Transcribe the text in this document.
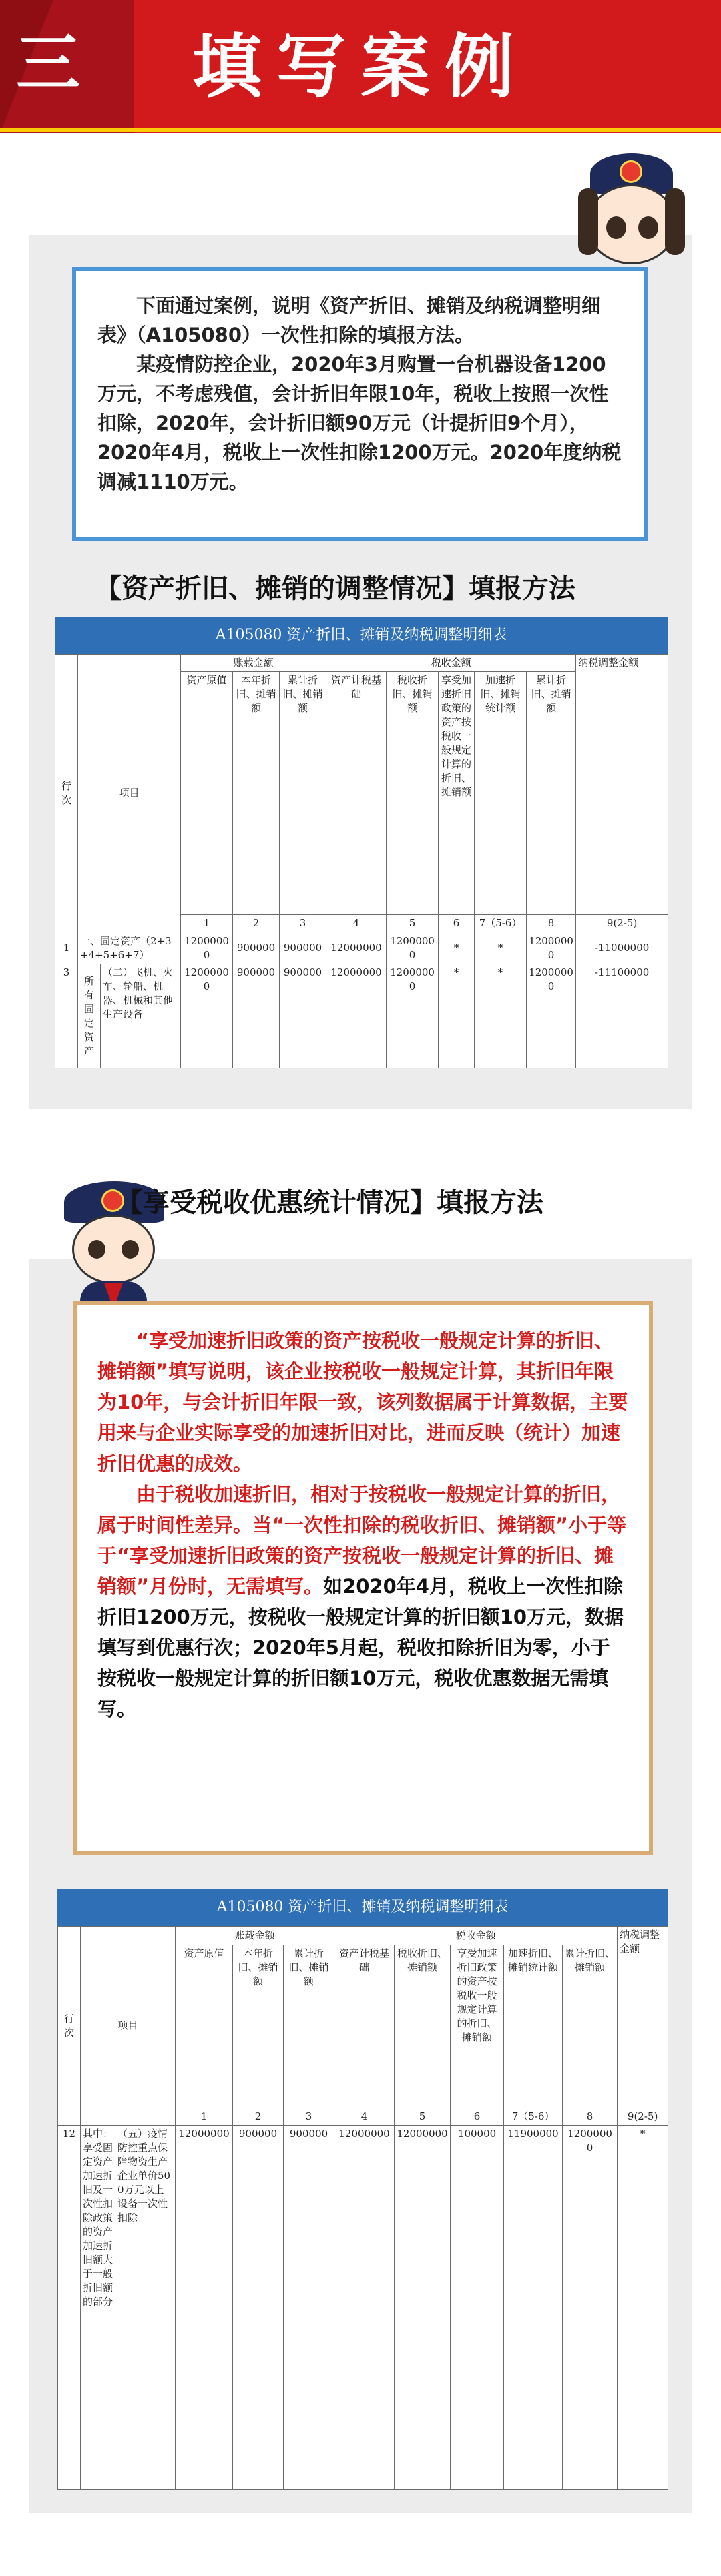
三	填写案例

下面通过案例，说明《资产折旧、摊销及纳税调整明细表》（A105080）一次性扣除的填报方法。

某疫情防控企业，2020年3月购置一台机器设备1200万元，不考虑残值，会计折旧年限10年，税收上按照一次性扣除，2020年，会计折旧额90万元（计提折旧9个月），2020年4月，税收上一次性扣除1200万元。2020年度纳税调减1110万元。

【资产折旧、摊销的调整情况】填报方法
A105080 资产折旧、摊销及纳税调整明细表
行次	项目		账载金额			税收金额					纳税调整金额
			资产原值	本年折旧、摊销额	累计折旧、摊销额	资产计税基础	税收折旧、摊销额	享受加速折旧政策的资产按税收一般规定计算的折旧、摊销额	加速折旧、摊销统计额	累计折旧、摊销额	
			1	2	3	4	5	6	7（5-6）	8	9(2-5)
1	一、固定资产（2+3+4+5+6+7）		12000000	900000	900000	12000000	12000000	*	*	12000000	-11000000
3	所有固定资产	（二）飞机、火车、轮船、机器、机械和其他生产设备	12000000	900000	900000	12000000	12000000	*	*	12000000	-11100000
【享受税收优惠统计情况】填报方法

“享受加速折旧政策的资产按税收一般规定计算的折旧、摊销额”填写说明，该企业按税收一般规定计算，其折旧年限为10年，与会计折旧年限一致，该列数据属于计算数据，主要用来与企业实际享受的加速折旧对比，进而反映（统计）加速折旧优惠的成效。

由于税收加速折旧，相对于按税收一般规定计算的折旧，属于时间性差异。当“一次性扣除的税收折旧、摊销额”小于等于“享受加速折旧政策的资产按税收一般规定计算的折旧、摊销额”月份时，无需填写。如2020年4月，税收上一次性扣除折旧1200万元，按税收一般规定计算的折旧额10万元，数据填写到优惠行次；2020年5月起，税收扣除折旧为零，小于按税收一般规定计算的折旧额10万元，税收优惠数据无需填写。

A105080 资产折旧、摊销及纳税调整明细表
行次	项目		账载金额			税收金额					纳税调整金额
			资产原值	本年折旧、摊销额	累计折旧、摊销额	资产计税基础	税收折旧、摊销额	享受加速折旧政策的资产按税收一般规定计算的折旧、摊销额	加速折旧、摊销统计额	累计折旧、摊销额	
			1	2	3	4	5	6	7（5-6）	8	9(2-5)
12	其中：享受固定资产加速折旧及一次性扣除政策的资产加速折旧额大于一般折旧额的部分	（五）疫情防控重点保障物资生产企业单价500万元以上设备一次性扣除	12000000	900000	900000	12000000	12000000	100000	11900000	12000000	*
